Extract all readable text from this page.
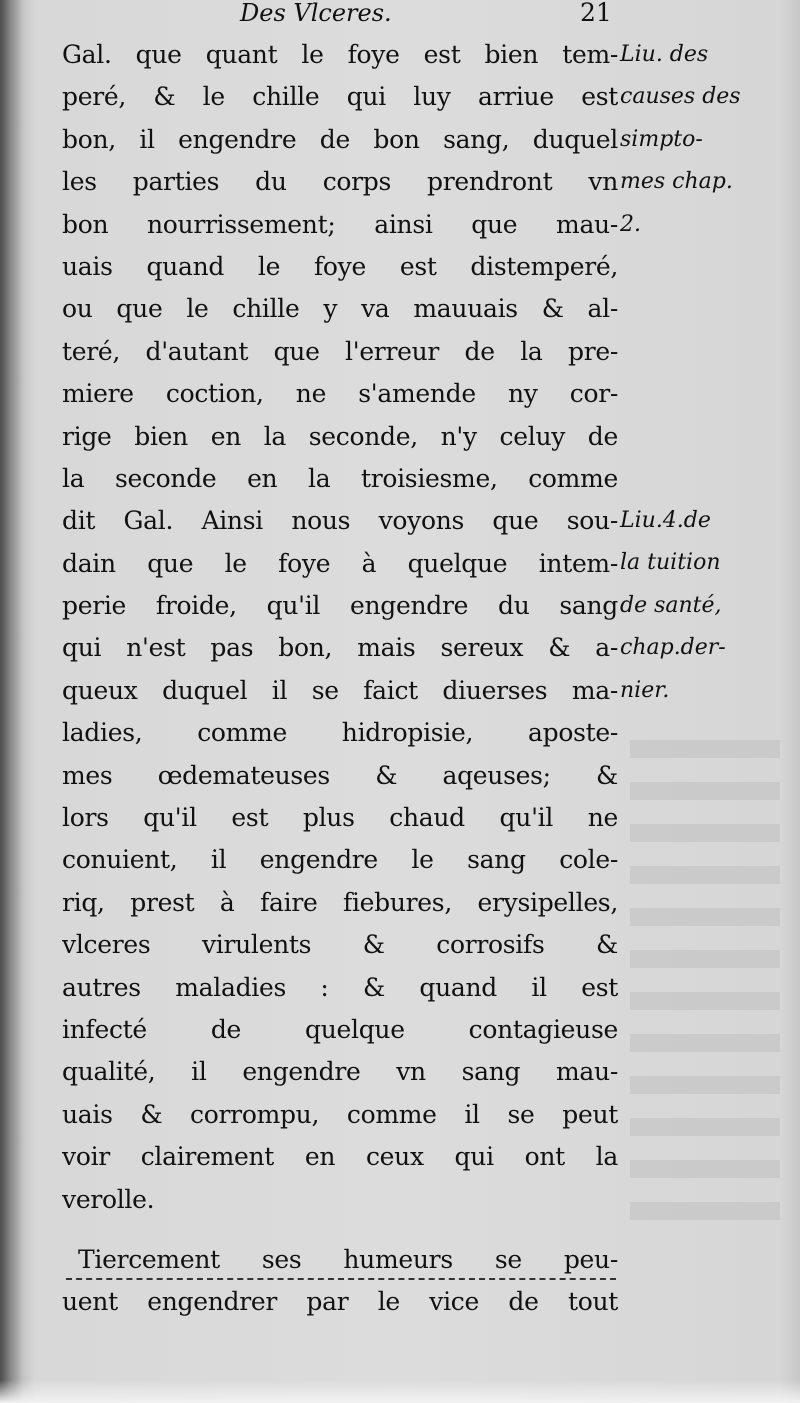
Des Vlceres.	21
Gal. que quant le foye est bien tem-
peré, & le chille qui luy arriue est
bon, il engendre de bon sang, duquel
les parties du corps prendront vn
bon nourrissement; ainsi que mau-
uais quand le foye est distemperé,
ou que le chille y va mauuais & al-
teré, d'autant que l'erreur de la pre-
miere coction, ne s'amende ny cor-
rige bien en la seconde, n'y celuy de
la seconde en la troisiesme, comme
dit Gal. Ainsi nous voyons que sou-
dain que le foye à quelque intem-
perie froide, qu'il engendre du sang
qui n'est pas bon, mais sereux & a-
queux duquel il se faict diuerses ma-
ladies, comme hidropisie, aposte-
mes œdemateuses & aqeuses; &
lors qu'il est plus chaud qu'il ne
conuient, il engendre le sang cole-
riq, prest à faire fiebures, erysipelles,
vlceres virulents & corrosifs &
autres maladies : & quand il est
infecté de quelque contagieuse
qualité, il engendre vn sang mau-
uais & corrompu, comme il se peut
voir clairement en ceux qui ont la
verolle.
Tiercement ses humeurs se peu-
uent engendrer par le vice de tout
Liu. des
causes des
simpto-
mes chap.
2.
Liu.4.de
la tuition
de santé,
chap.der-
nier.
